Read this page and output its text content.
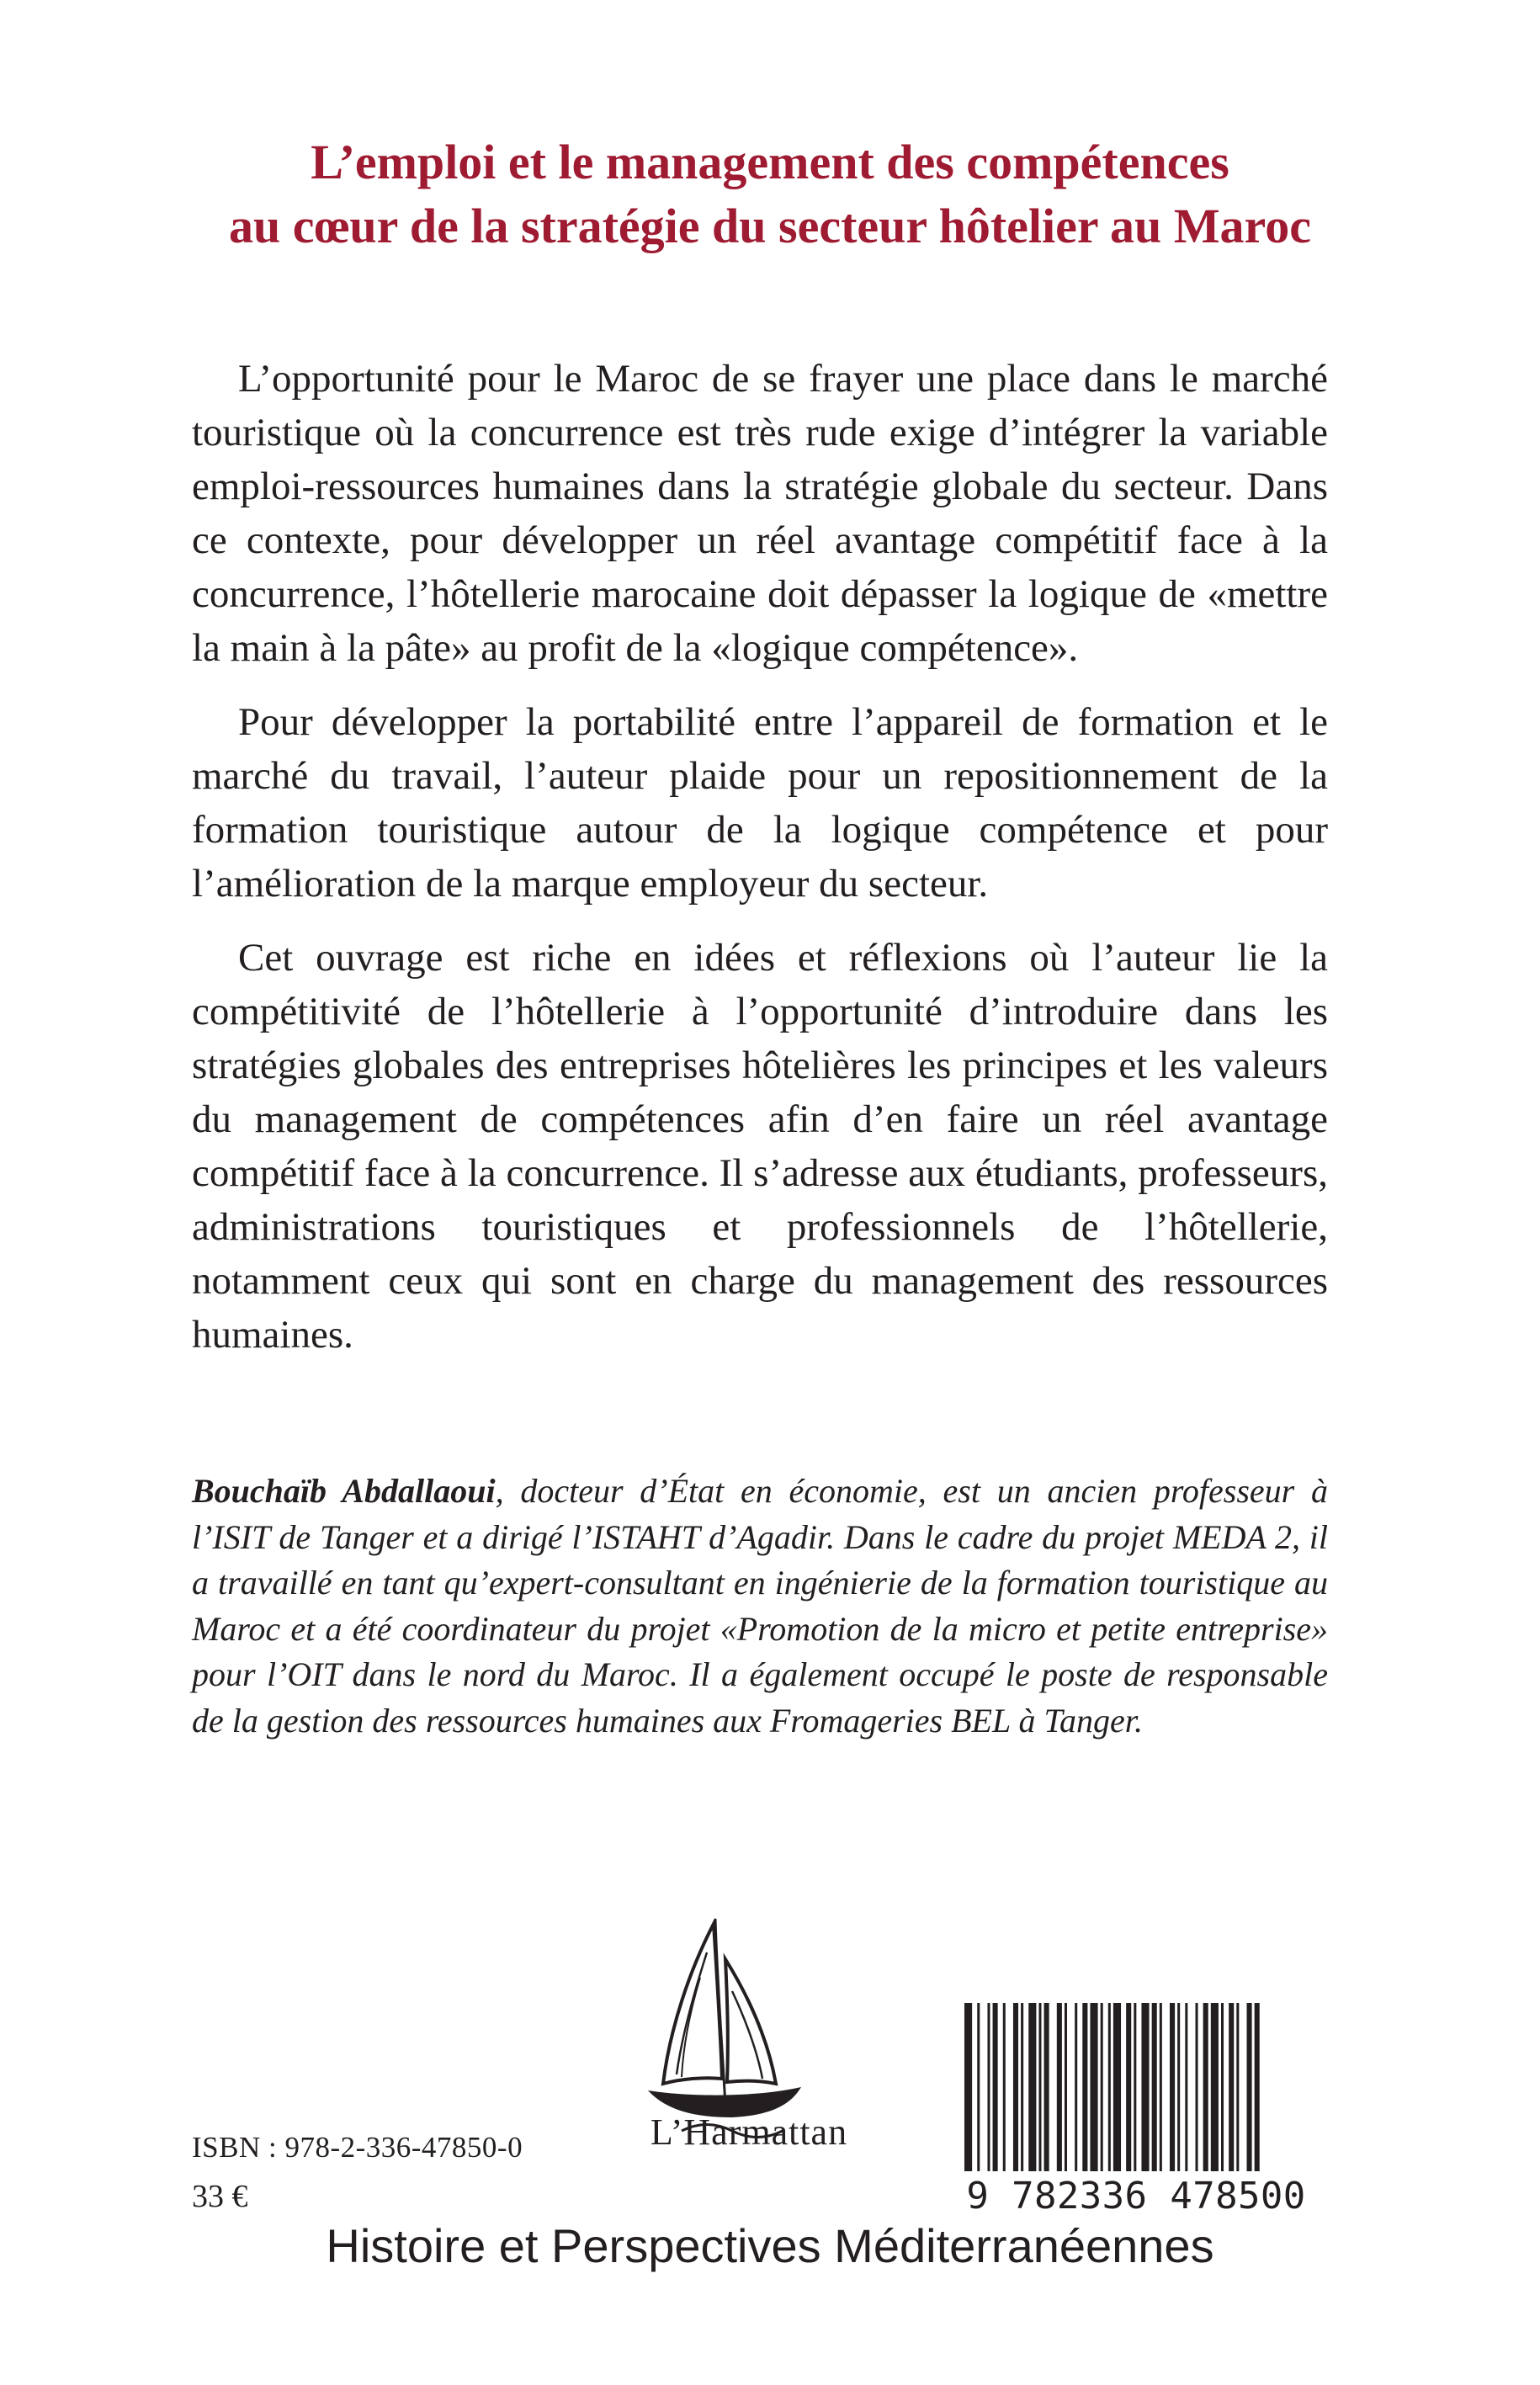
L’emploi et le management des compétences
au cœur de la stratégie du secteur hôtelier au Maroc

L’opportunité pour le Maroc de se frayer une place dans le marché touristique où la concurrence est très rude exige d’intégrer la variable emploi-ressources humaines dans la stratégie globale du secteur. Dans ce contexte, pour développer un réel avantage compétitif face à la concurrence, l’hôtellerie marocaine doit dépasser la logique de «mettre la main à la pâte» au profit de la «logique compétence».

Pour développer la portabilité entre l’appareil de formation et le marché du travail, l’auteur plaide pour un repositionnement de la formation touristique autour de la logique compétence et pour l’amélioration de la marque employeur du secteur.

Cet ouvrage est riche en idées et réflexions où l’auteur lie la compétitivité de l’hôtellerie à l’opportunité d’introduire dans les stratégies globales des entreprises hôtelières les principes et les valeurs du management de compétences afin d’en faire un réel avantage compétitif face à la concurrence. Il s’adresse aux étudiants, professeurs, administrations touristiques et professionnels de l’hôtellerie, notamment ceux qui sont en charge du management des ressources humaines.

Bouchaïb Abdallaoui, docteur d’État en économie, est un ancien professeur à l’ISIT de Tanger et a dirigé l’ISTAHT d’Agadir. Dans le cadre du projet MEDA 2, il a travaillé en tant qu’expert-consultant en ingénierie de la formation touristique au Maroc et a été coordinateur du projet «Promotion de la micro et petite entreprise» pour l’OIT dans le nord du Maroc. Il a également occupé le poste de responsable de la gestion des ressources humaines aux Fromageries BEL à Tanger.

L’Harmattan
ISBN : 978-2-336-47850-0
33 €	9 782336 478500
Histoire et Perspectives Méditerranéennes
